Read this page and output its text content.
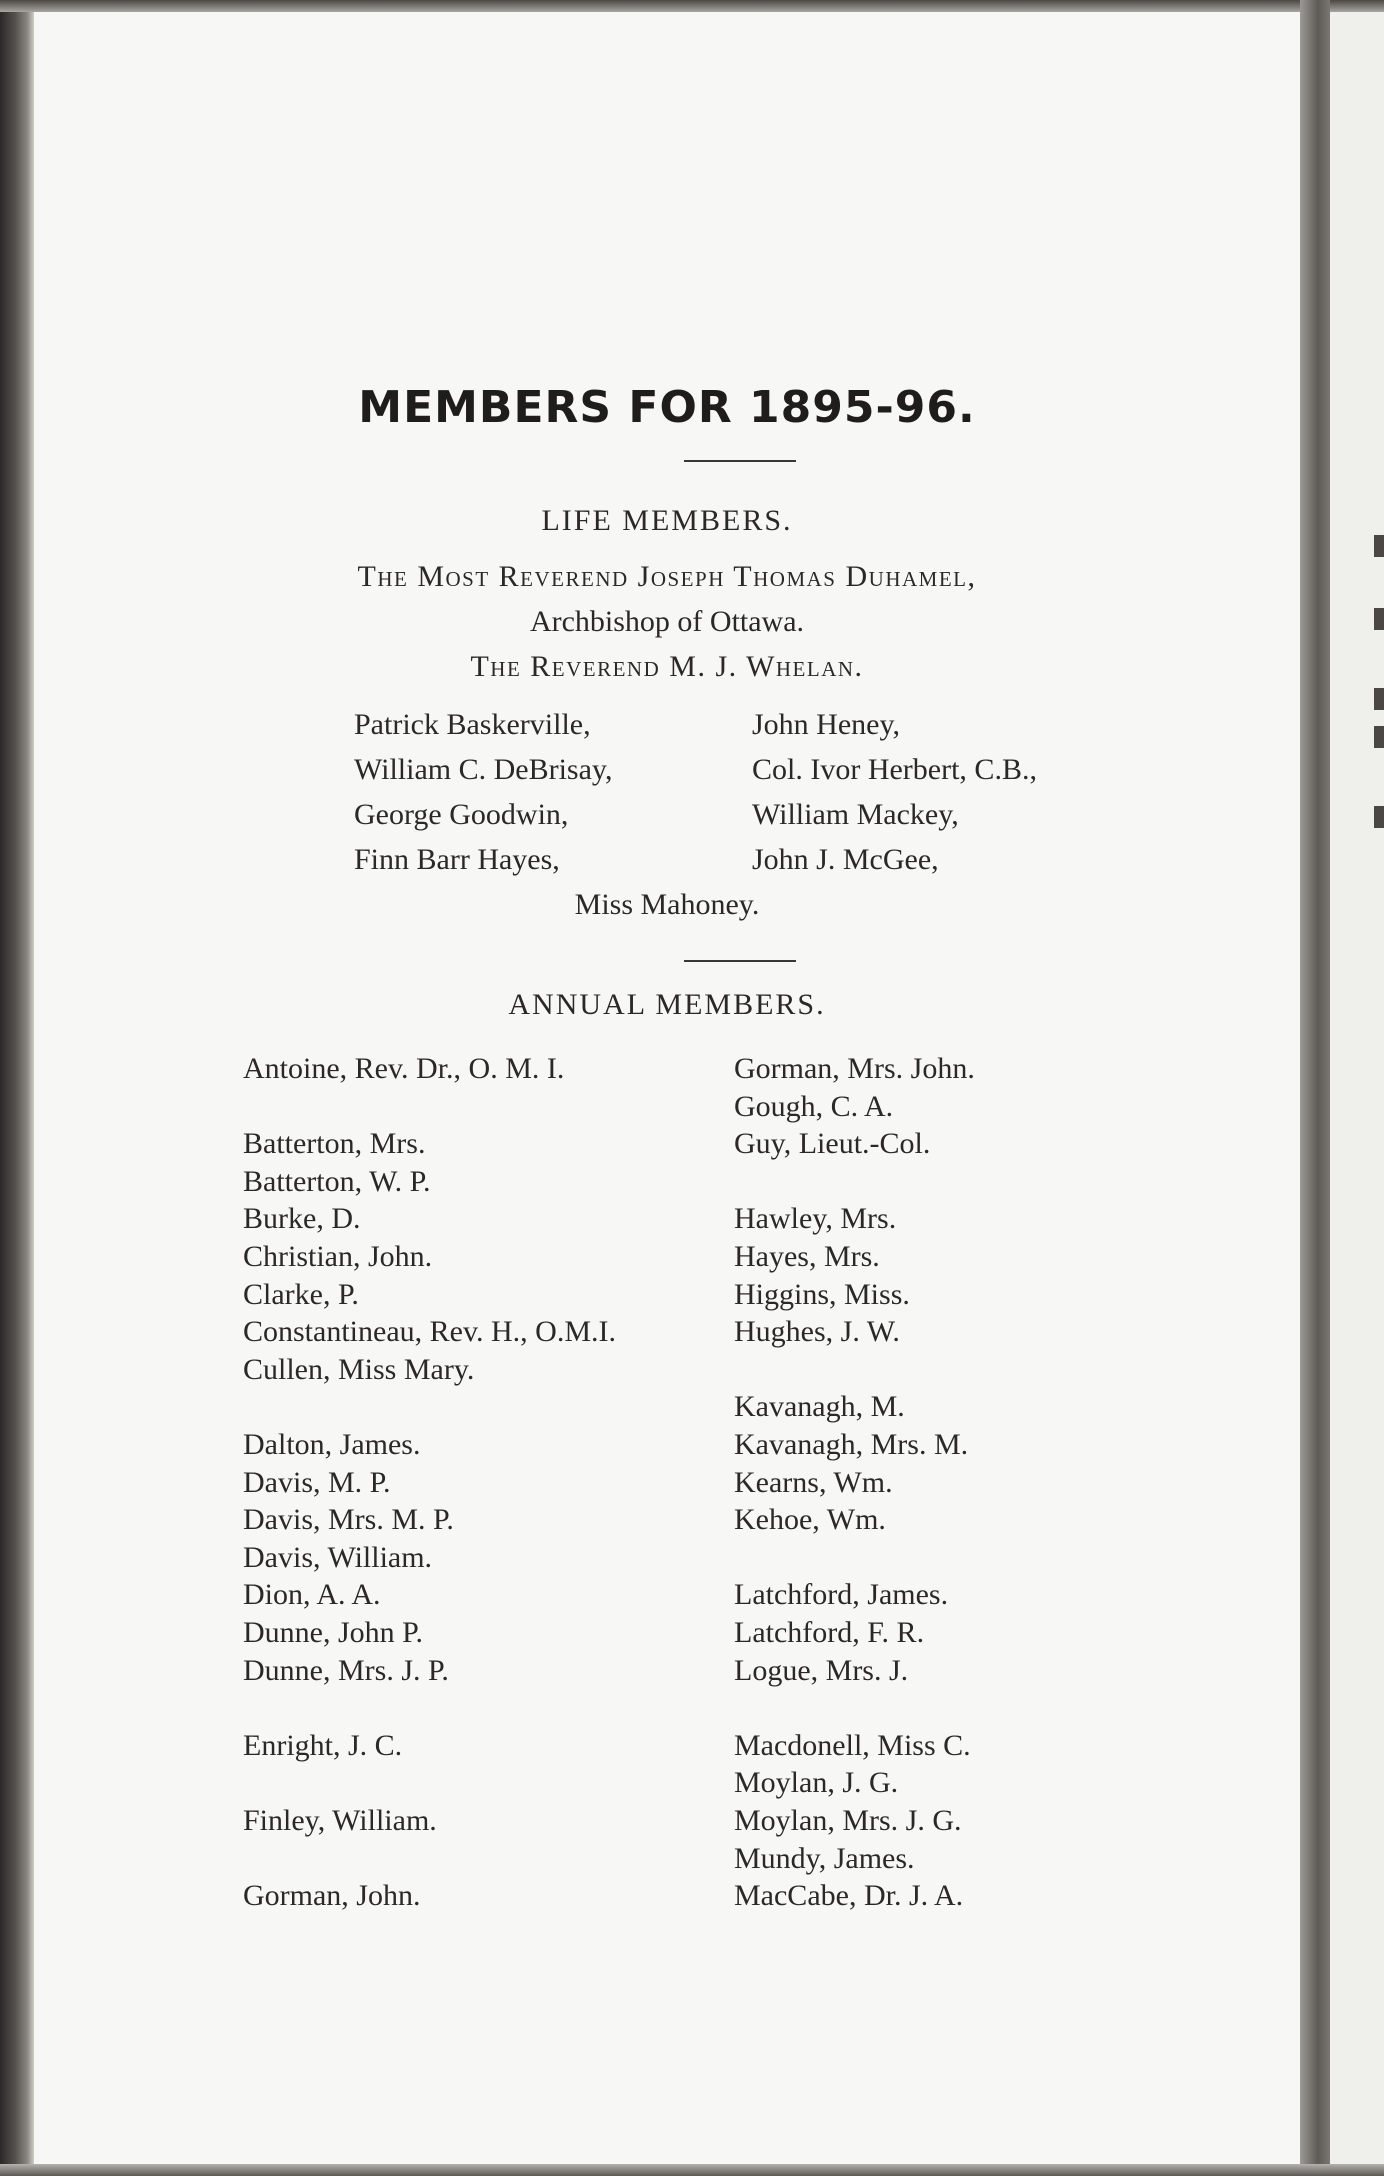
MEMBERS FOR 1895-96.
LIFE MEMBERS.
The Most Reverend Joseph Thomas Duhamel,
Archbishop of Ottawa.
The Reverend M. J. Whelan.
Patrick Baskerville,
William C. DeBrisay,
George Goodwin,
Finn Barr Hayes,
John Heney,
Col. Ivor Herbert, C.B.,
William Mackey,
John J. McGee,
Miss Mahoney.
ANNUAL MEMBERS.
Antoine, Rev. Dr., O. M. I.
Batterton, Mrs.
Batterton, W. P.
Burke, D.
Christian, John.
Clarke, P.
Constantineau, Rev. H., O.M.I.
Cullen, Miss Mary.
Dalton, James.
Davis, M. P.
Davis, Mrs. M. P.
Davis, William.
Dion, A. A.
Dunne, John P.
Dunne, Mrs. J. P.
Enright, J. C.
Finley, William.
Gorman, John.
Gorman, Mrs. John.
Gough, C. A.
Guy, Lieut.-Col.
Hawley, Mrs.
Hayes, Mrs.
Higgins, Miss.
Hughes, J. W.
Kavanagh, M.
Kavanagh, Mrs. M.
Kearns, Wm.
Kehoe, Wm.
Latchford, James.
Latchford, F. R.
Logue, Mrs. J.
Macdonell, Miss C.
Moylan, J. G.
Moylan, Mrs. J. G.
Mundy, James.
MacCabe, Dr. J. A.
